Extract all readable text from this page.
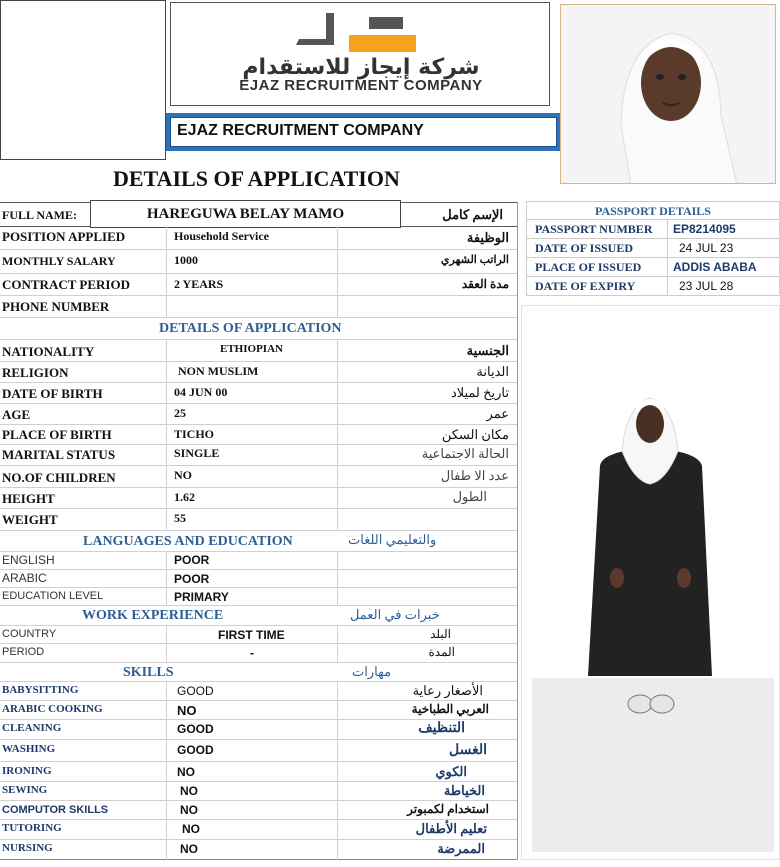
شركة إيجاز للاستقدام
EJAZ RECRUITMENT COMPANY
EJAZ RECRUITMENT COMPANY
DETAILS OF APPLICATION
FULL NAME:	HAREGUWA BELAY MAMO	الإسم كامل
POSITION APPLIED	Household Service	الوظيفة
MONTHLY SALARY	1000	الراتب الشهري
CONTRACT PERIOD	2 YEARS	مدة العقد
PHONE NUMBER
DETAILS OF APPLICATION
NATIONALITY	ETHIOPIAN	الجنسية
RELIGION	NON MUSLIM	الديانة
DATE OF BIRTH	04 JUN 00	تاريخ لميلاد
AGE	25	عمر
PLACE OF BIRTH	TICHO	مكان السكن
MARITAL STATUS	SINGLE	الحالة الاجتماعية
NO.OF CHILDREN	NO	عدد الا طفال
HEIGHT	1.62	الطول
WEIGHT	55
LANGUAGES AND EDUCATION	والتعليمي اللغات
ENGLISH	POOR
ARABIC	POOR
EDUCATION LEVEL	PRIMARY
WORK EXPERIENCE	خبرات في العمل
COUNTRY	FIRST TIME	البلد
PERIOD	-	المدة
SKILLS	مهارات
BABYSITTING	GOOD	الأصغار رعاية
ARABIC COOKING	NO	العربي الطباخية
CLEANING	GOOD	التنظيف
WASHING	GOOD	الغسل
IRONING	NO	الكوي
SEWING	NO	الخياطة
COMPUTOR SKILLS	NO	استخدام لكمبوتر
TUTORING	NO	تعليم الأطفال
NURSING	NO	الممرضة
PASSPORT DETAILS
PASSPORT NUMBER EP8214095
DATE OF ISSUED	24 JUL 23
PLACE OF ISSUED	ADDIS ABABA
DATE OF EXPIRY	23 JUL 28
